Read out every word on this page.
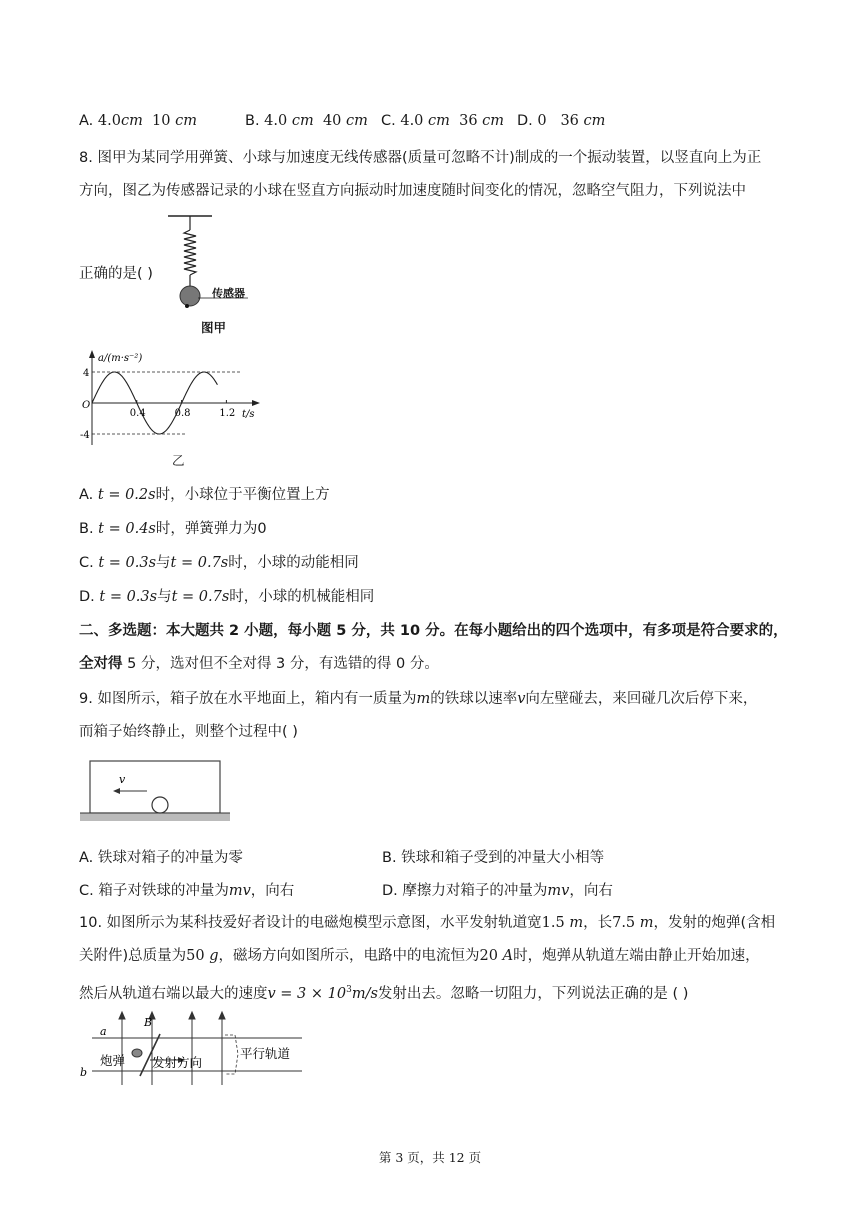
A. 4.0cm 10 cm	B. 4.0 cm 40 cm C. 4.0 cm 36 cm D. 0 36 cm
8. 图甲为某同学用弹簧、小球与加速度无线传感器(质量可忽略不计)制成的一个振动装置，以竖直向上为正
方向，图乙为传感器记录的小球在竖直方向振动时加速度随时间变化的情况，忽略空气阻力，下列说法中
正确的是( )
传感器
图甲
0.4	0.8	1.2
a/(m·s⁻²)
t/s
O
4
-4
乙
A. t = 0.2s时，小球位于平衡位置上方
B. t = 0.4s时，弹簧弹力为0
C. t = 0.3s与t = 0.7s时，小球的动能相同
D. t = 0.3s与t = 0.7s时，小球的机械能相同
二、多选题：本大题共 2 小题，每小题 5 分，共 10 分。在每小题给出的四个选项中，有多项是符合要求的，
全对得 5 分，选对但不全对得 3 分，有选错的得 0 分。
9. 如图所示，箱子放在水平地面上，箱内有一质量为m的铁球以速率v向左壁碰去，来回碰几次后停下来，
而箱子始终静止，则整个过程中( )
v
A. 铁球对箱子的冲量为零	B. 铁球和箱子受到的冲量大小相等
C. 箱子对铁球的冲量为mv，向右	D. 摩擦力对箱子的冲量为mv，向右
10. 如图所示为某科技爱好者设计的电磁炮模型示意图，水平发射轨道宽1.5 m，长7.5 m，发射的炮弹(含相
关附件)总质量为50 g，磁场方向如图所示，电路中的电流恒为20 A时，炮弹从轨道左端由静止开始加速，
然后从轨道右端以最大的速度$v = 3 \times 10^3m/s$发射出去。忽略一切阻力，下列说法正确的是 ( )
a
b
B
炮弹 发射方向
平行轨道
第 3 页，共 12 页
